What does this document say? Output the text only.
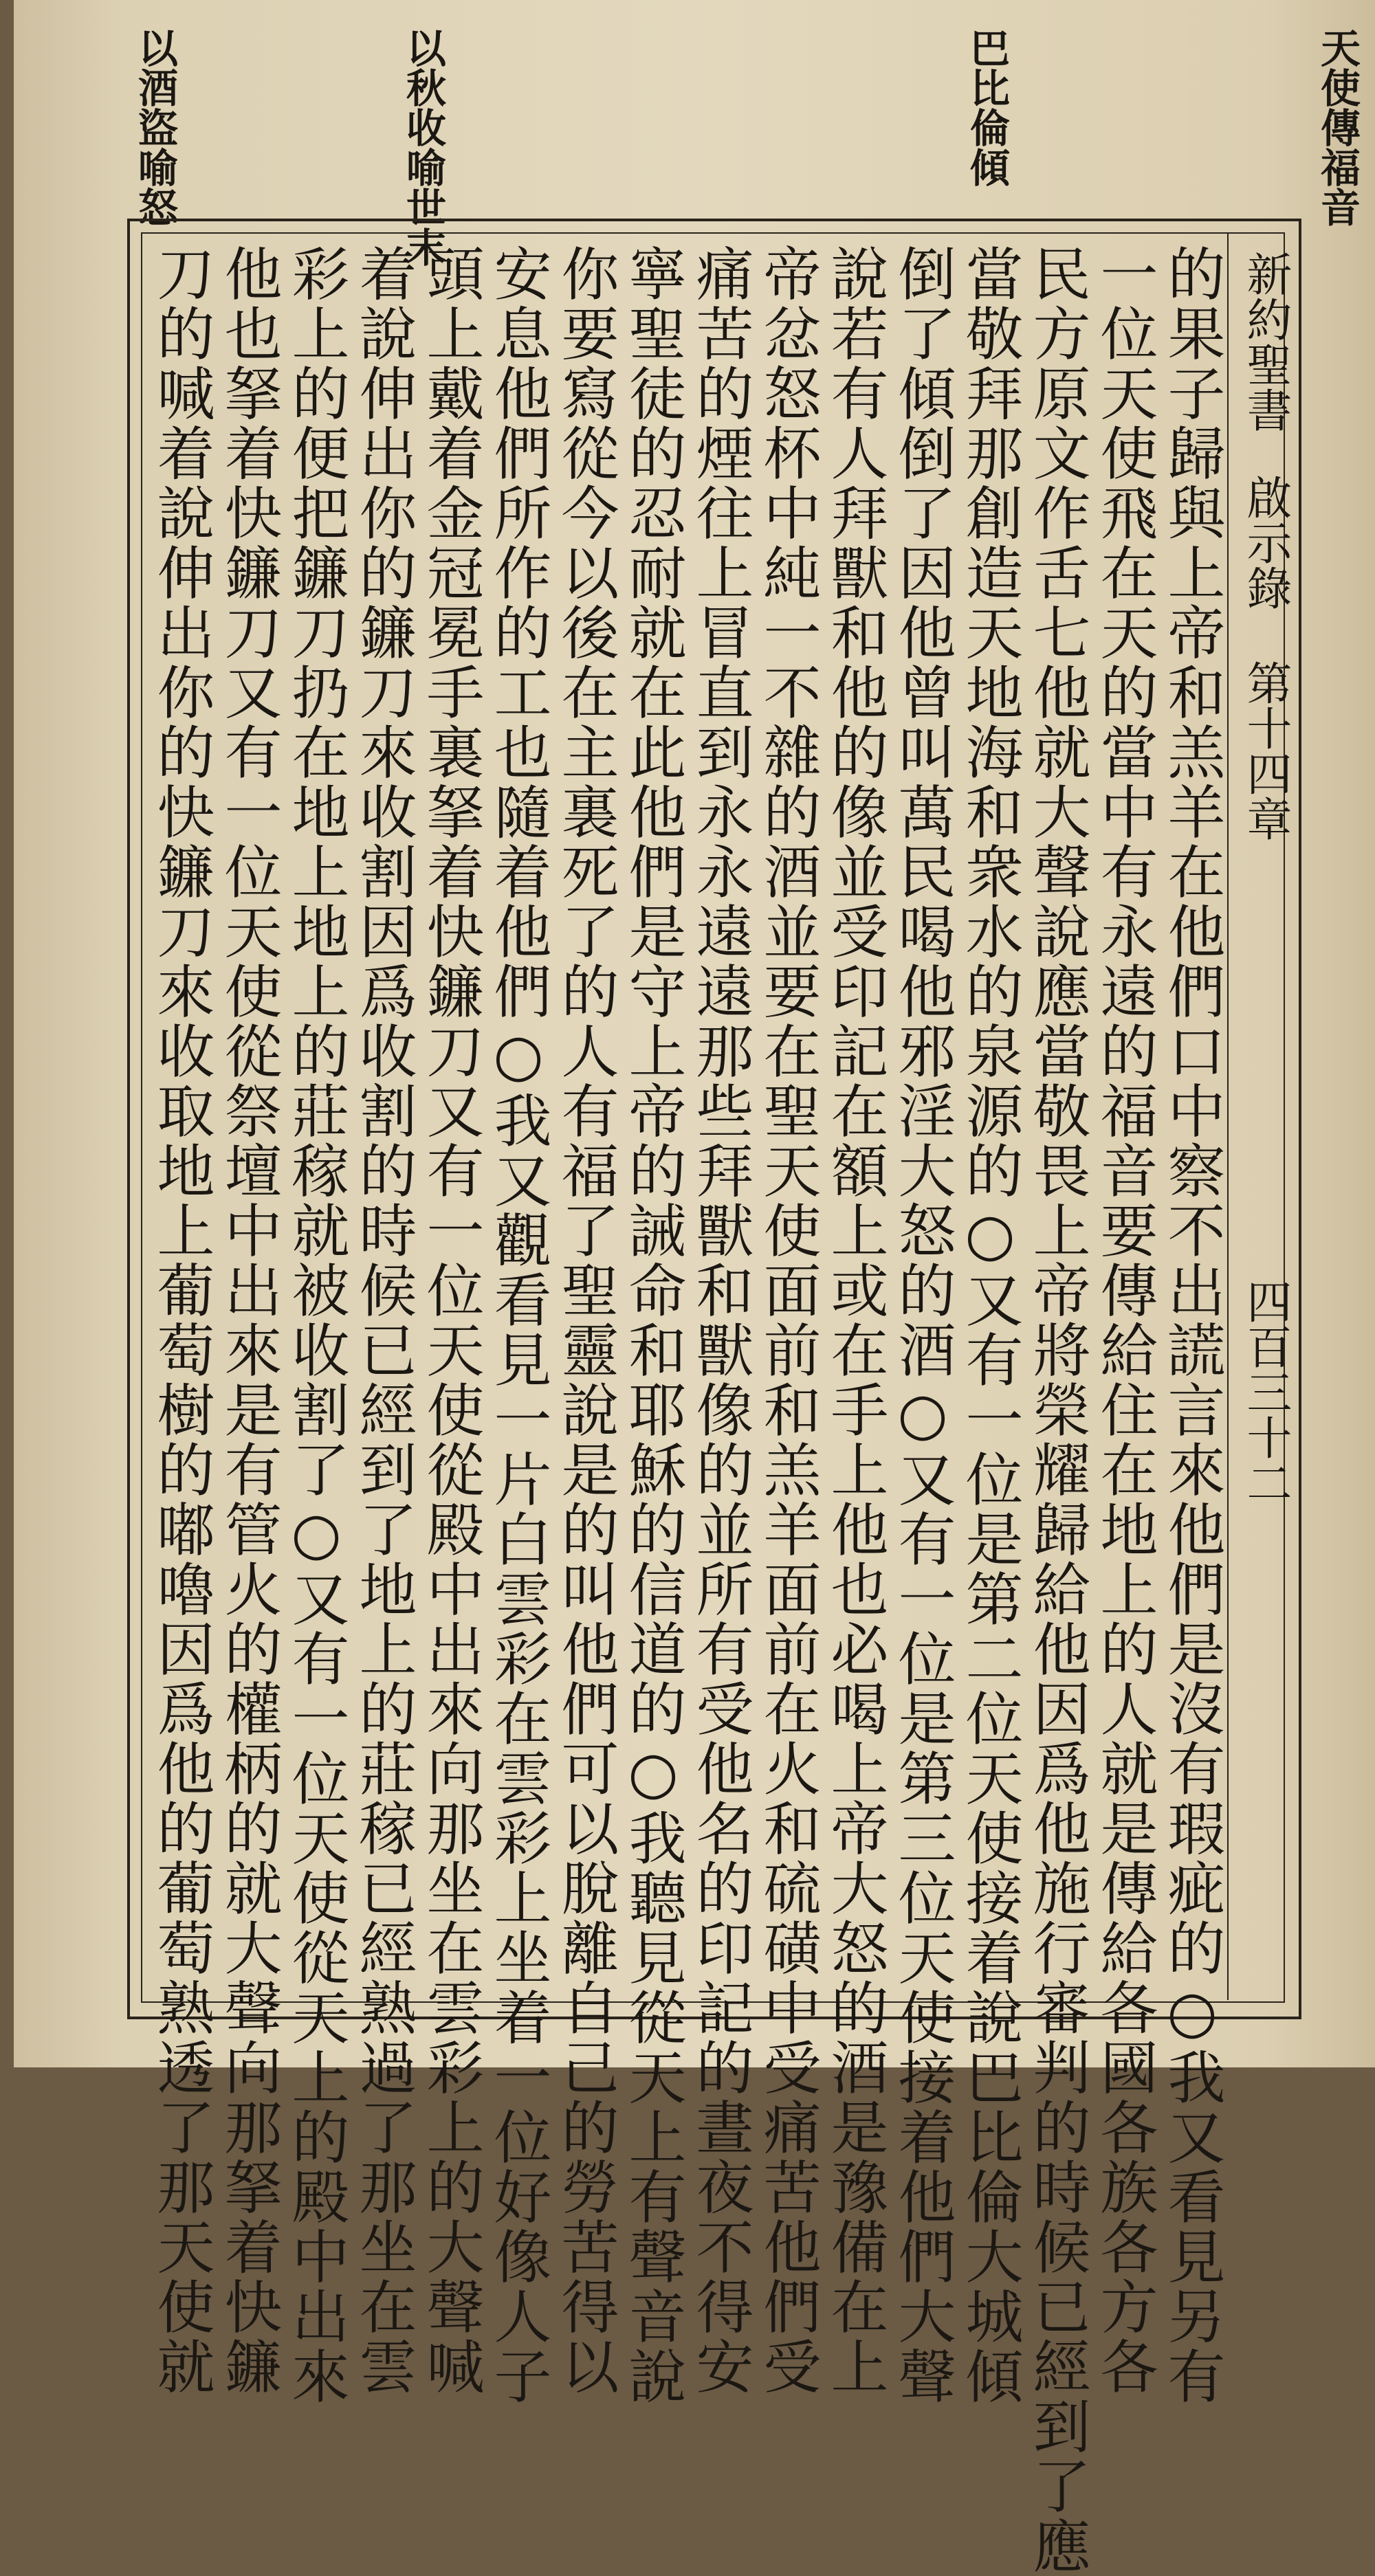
天使傳福音
巴比倫傾
以秋收喻世末
以酒盜喻怒
新約聖書
啟示錄
第十四章
四百三十二
的果子歸與上帝和羔羊在他們口中察不出謊言來他們是沒有瑕疵的○我又看見另有
一位天使飛在天的當中有永遠的福音要傳給住在地上的人就是傳給各國各族各方各
民方原文作舌七他就大聲說應當敬畏上帝將榮耀歸給他因爲他施行審判的時候已經到了應
當敬拜那創造天地海和衆水的泉源的○又有一位是第二位天使接着說巴比倫大城傾
倒了傾倒了因他曾叫萬民喝他邪淫大怒的酒○又有一位是第三位天使接着他們大聲
說若有人拜獸和他的像並受印記在額上或在手上他也必喝上帝大怒的酒是豫備在上
帝忿怒杯中純一不雜的酒並要在聖天使面前和羔羊面前在火和硫磺中受痛苦他們受
痛苦的煙往上冒直到永永遠遠那些拜獸和獸像的並所有受他名的印記的晝夜不得安
寧聖徒的忍耐就在此他們是守上帝的誡命和耶穌的信道的○我聽見從天上有聲音說
你要寫從今以後在主裏死了的人有福了聖靈說是的叫他們可以脫離自己的勞苦得以
安息他們所作的工也隨着他們○我又觀看見一片白雲彩在雲彩上坐着一位好像人子
頭上戴着金冠冕手裏拏着快鐮刀又有一位天使從殿中出來向那坐在雲彩上的大聲喊
着說伸出你的鐮刀來收割因爲收割的時候已經到了地上的莊稼已經熟過了那坐在雲
彩上的便把鐮刀扔在地上地上的莊稼就被收割了○又有一位天使從天上的殿中出來
他也拏着快鐮刀又有一位天使從祭壇中出來是有管火的權柄的就大聲向那拏着快鐮
刀的喊着說伸出你的快鐮刀來收取地上葡萄樹的嘟嚕因爲他的葡萄熟透了那天使就
